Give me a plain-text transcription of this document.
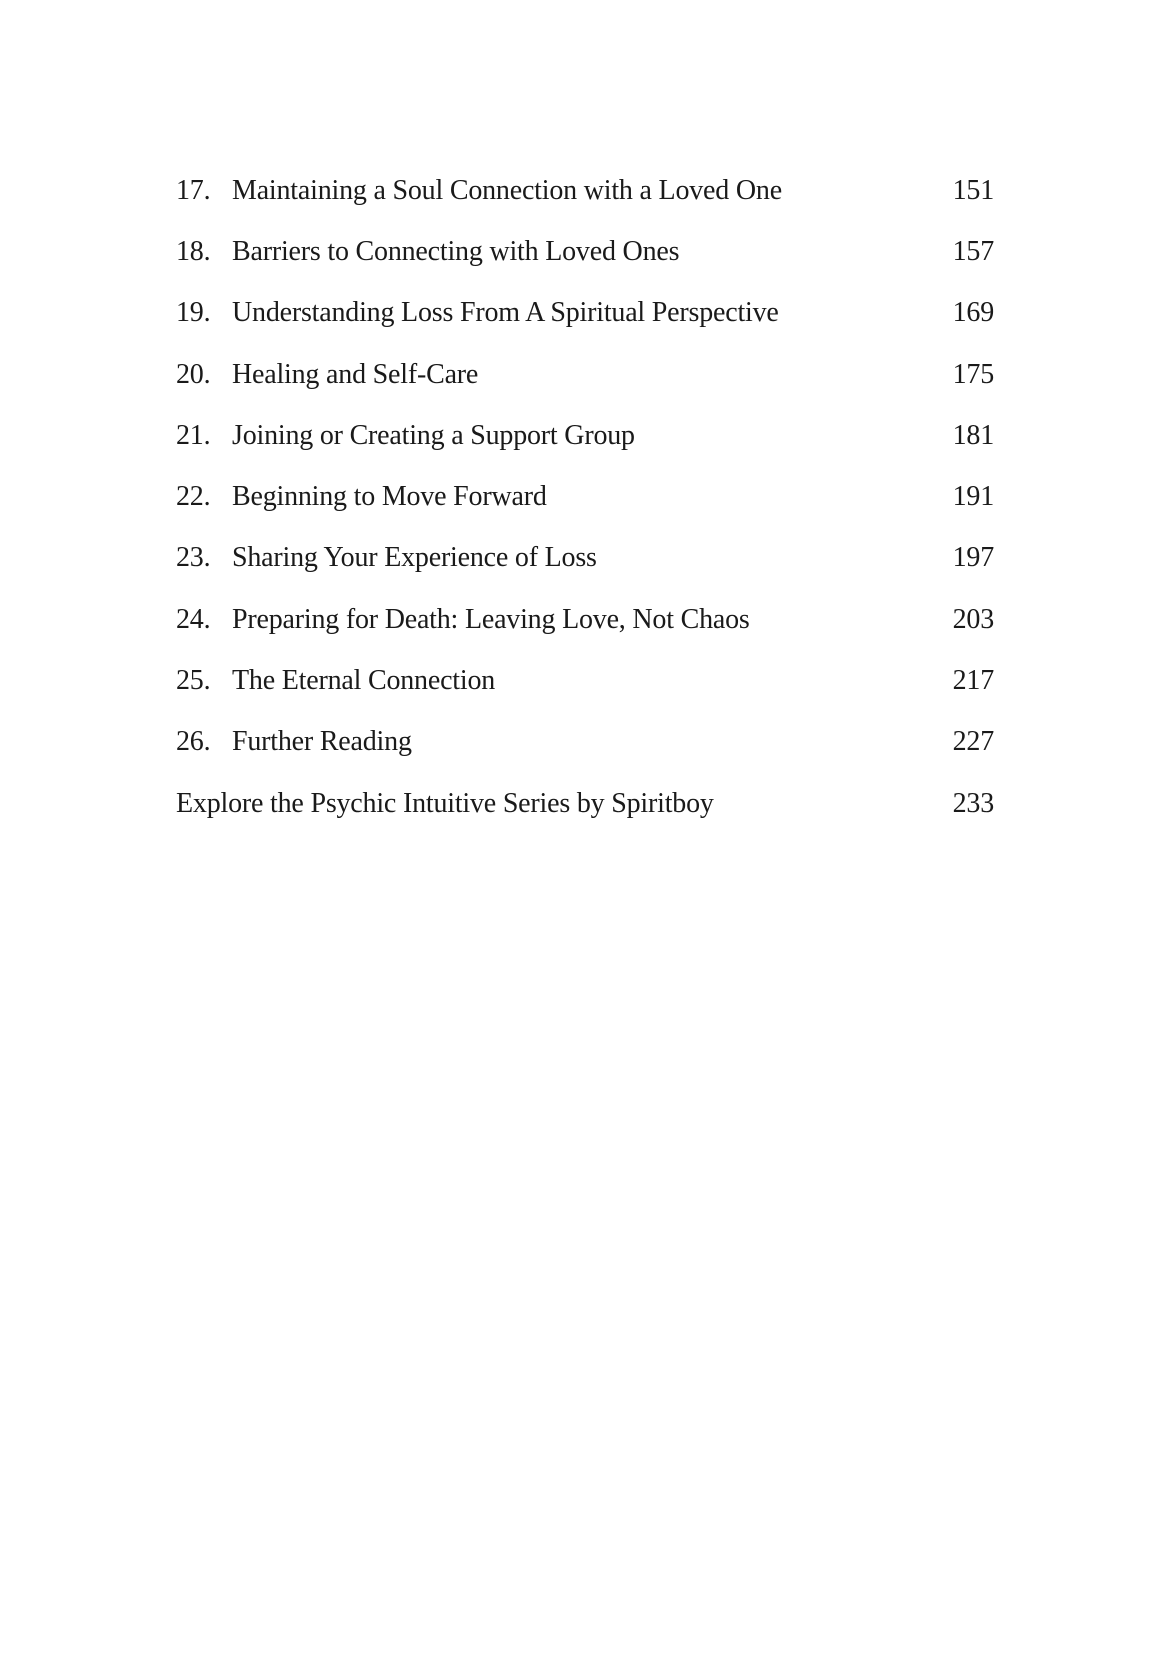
17. Maintaining a Soul Connection with a Loved One	151
18. Barriers to Connecting with Loved Ones	157
19. Understanding Loss From A Spiritual Perspective	169
20. Healing and Self-Care	175
21. Joining or Creating a Support Group	181
22. Beginning to Move Forward	191
23. Sharing Your Experience of Loss	197
24. Preparing for Death: Leaving Love, Not Chaos	203
25. The Eternal Connection	217
26. Further Reading	227
Explore the Psychic Intuitive Series by Spiritboy	233
